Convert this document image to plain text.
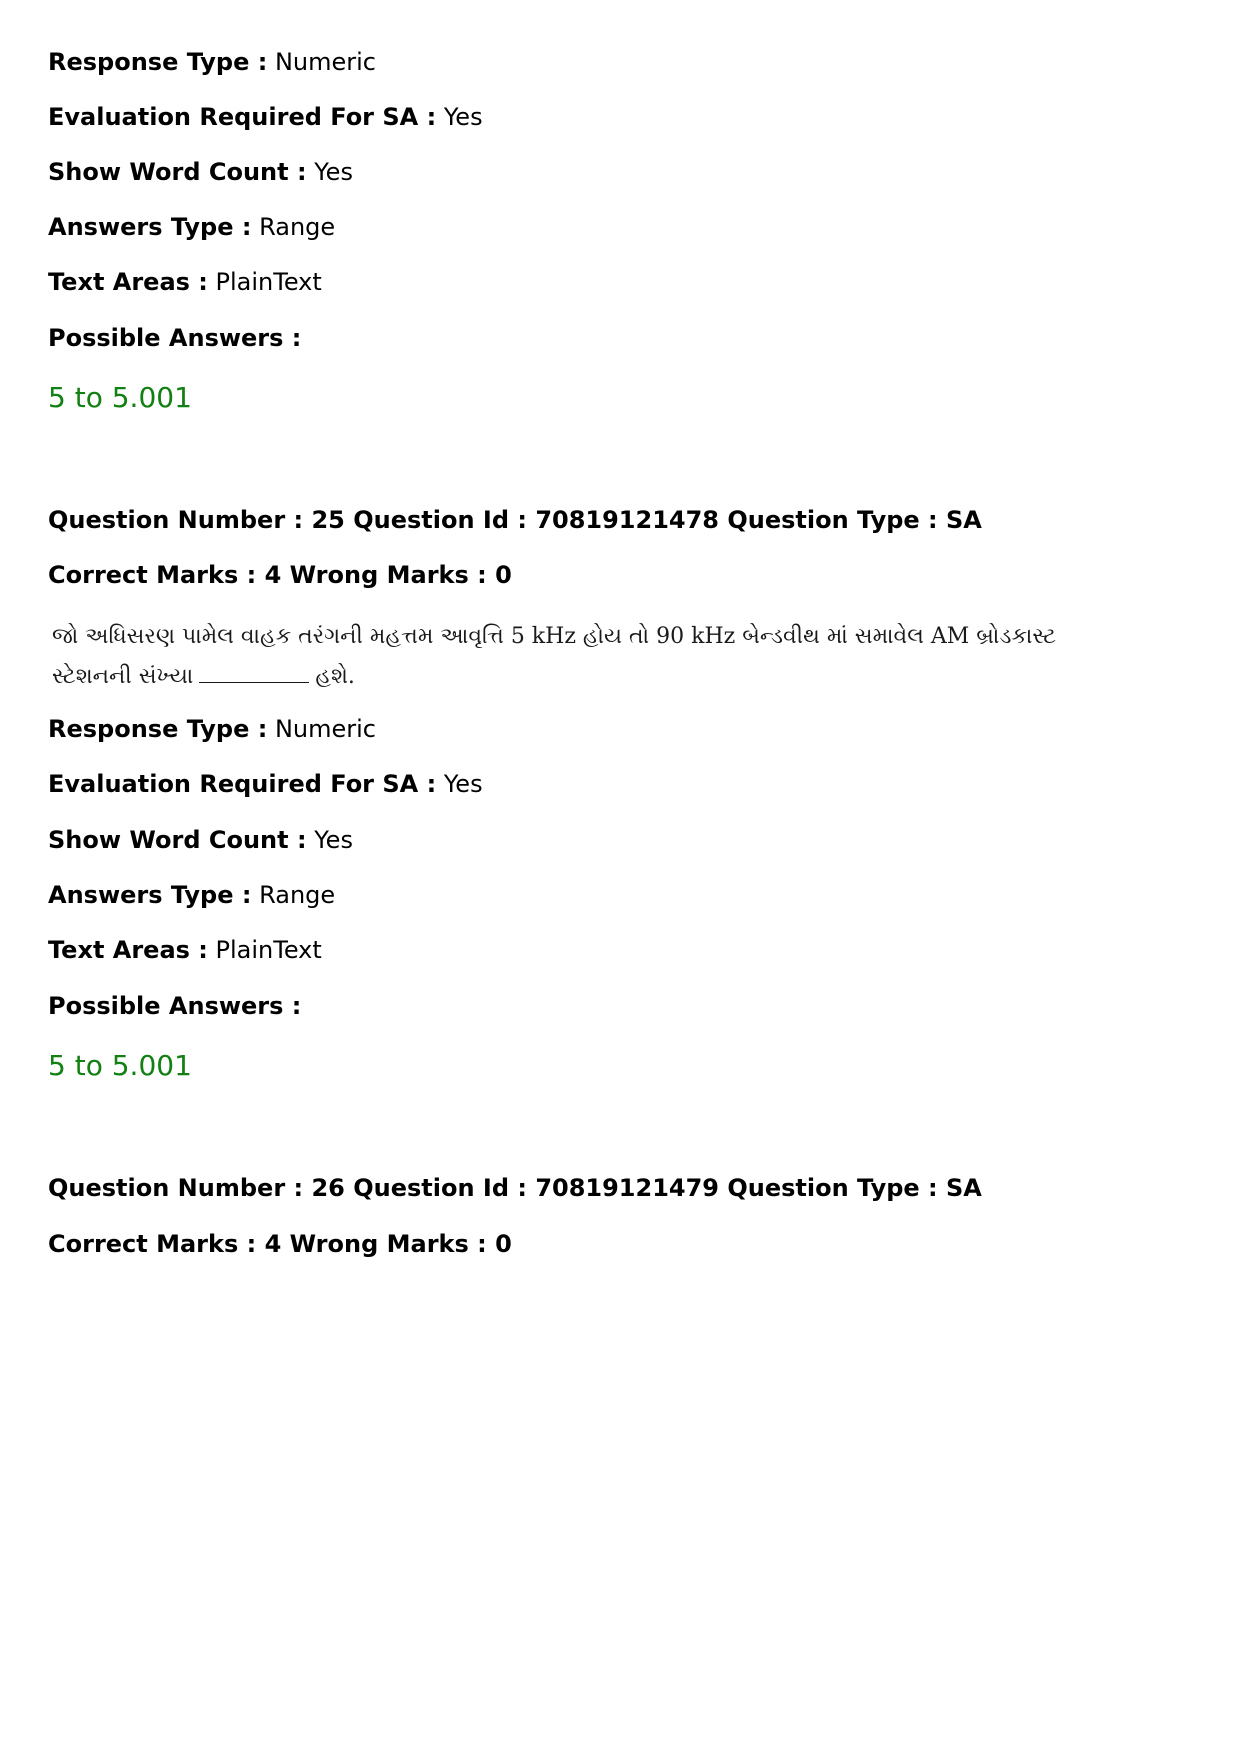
Response Type : Numeric
Evaluation Required For SA : Yes
Show Word Count : Yes
Answers Type : Range
Text Areas : PlainText
Possible Answers :
5 to 5.001
Question Number : 25 Question Id : 70819121478 Question Type : SA
Correct Marks : 4 Wrong Marks : 0
જો અધિસરણ પામેલ વાહક તરંગની મહત્તમ આવૃત્તિ 5 kHz હોય તો 90 kHz બેન્ડવીથ માં સમાવેલ AM બ્રોડકાસ્ટ
સ્ટેશનની સંખ્યા	હશે.
Response Type : Numeric
Evaluation Required For SA : Yes
Show Word Count : Yes
Answers Type : Range
Text Areas : PlainText
Possible Answers :
5 to 5.001
Question Number : 26 Question Id : 70819121479 Question Type : SA
Correct Marks : 4 Wrong Marks : 0
